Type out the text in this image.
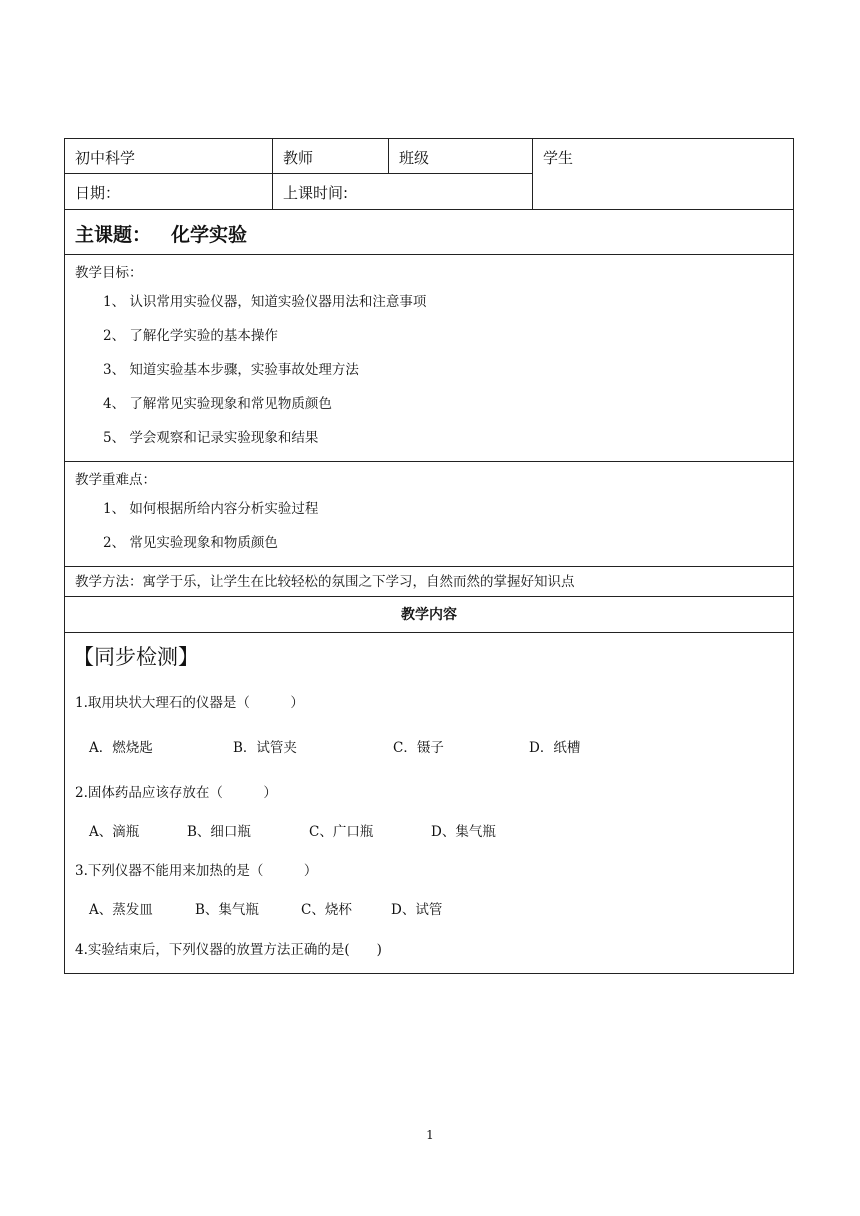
初中科学	教师	班级	学生
日期：	上课时间:
主课题： 化学实验
教学目标：
1、 认识常用实验仪器，知道实验仪器用法和注意事项
2、 了解化学实验的基本操作
3、 知道实验基本步骤，实验事故处理方法
4、 了解常见实验现象和常见物质颜色
5、 学会观察和记录实验现象和结果
教学重难点：
1、 如何根据所给内容分析实验过程
2、 常见实验现象和物质颜色
教学方法：寓学于乐，让学生在比较轻松的氛围之下学习，自然而然的掌握好知识点
教学内容
【同步检测】
1.取用块状大理石的仪器是（　　　）
A．燃烧匙	B．试管夹	C．镊子	D．纸槽
2.固体药品应该存放在（　　　）
A、滴瓶	B、细口瓶	C、广口瓶	D、集气瓶
3.下列仪器不能用来加热的是（　　　）
A、蒸发皿	B、集气瓶	C、烧杯	D、试管
4.实验结束后，下列仪器的放置方法正确的是(　　)
1
